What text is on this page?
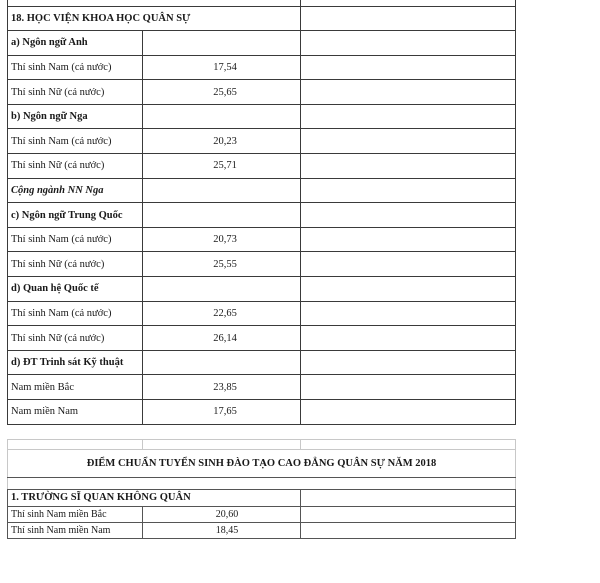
18. HỌC VIỆN KHOA HỌC QUÂN SỰ		
a) Ngôn ngữ Anh		
Thí sinh Nam (cả nước)	17,54	
Thí sinh Nữ (cả nước)	25,65	
b) Ngôn ngữ Nga		
Thí sinh Nam (cả nước)	20,23	
Thí sinh Nữ (cả nước)	25,71	
Cộng ngành NN Nga		
c) Ngôn ngữ Trung Quốc		
Thí sinh Nam (cả nước)	20,73	
Thí sinh Nữ (cả nước)	25,55	
d) Quan hệ Quốc tế		
Thí sinh Nam (cả nước)	22,65	
Thí sinh Nữ (cả nước)	26,14	
d) ĐT Trinh sát Kỹ thuật		
Nam miền Bắc	23,85	
Nam miền Nam	17,65	

ĐIỂM CHUẨN TUYỂN SINH ĐÀO TẠO CAO ĐẲNG QUÂN SỰ NĂM 2018		

1. TRƯỜNG SĨ QUAN KHÔNG QUÂN		
Thí sinh Nam miền Bắc	20,60	
Thí sinh Nam miền Nam	18,45	
